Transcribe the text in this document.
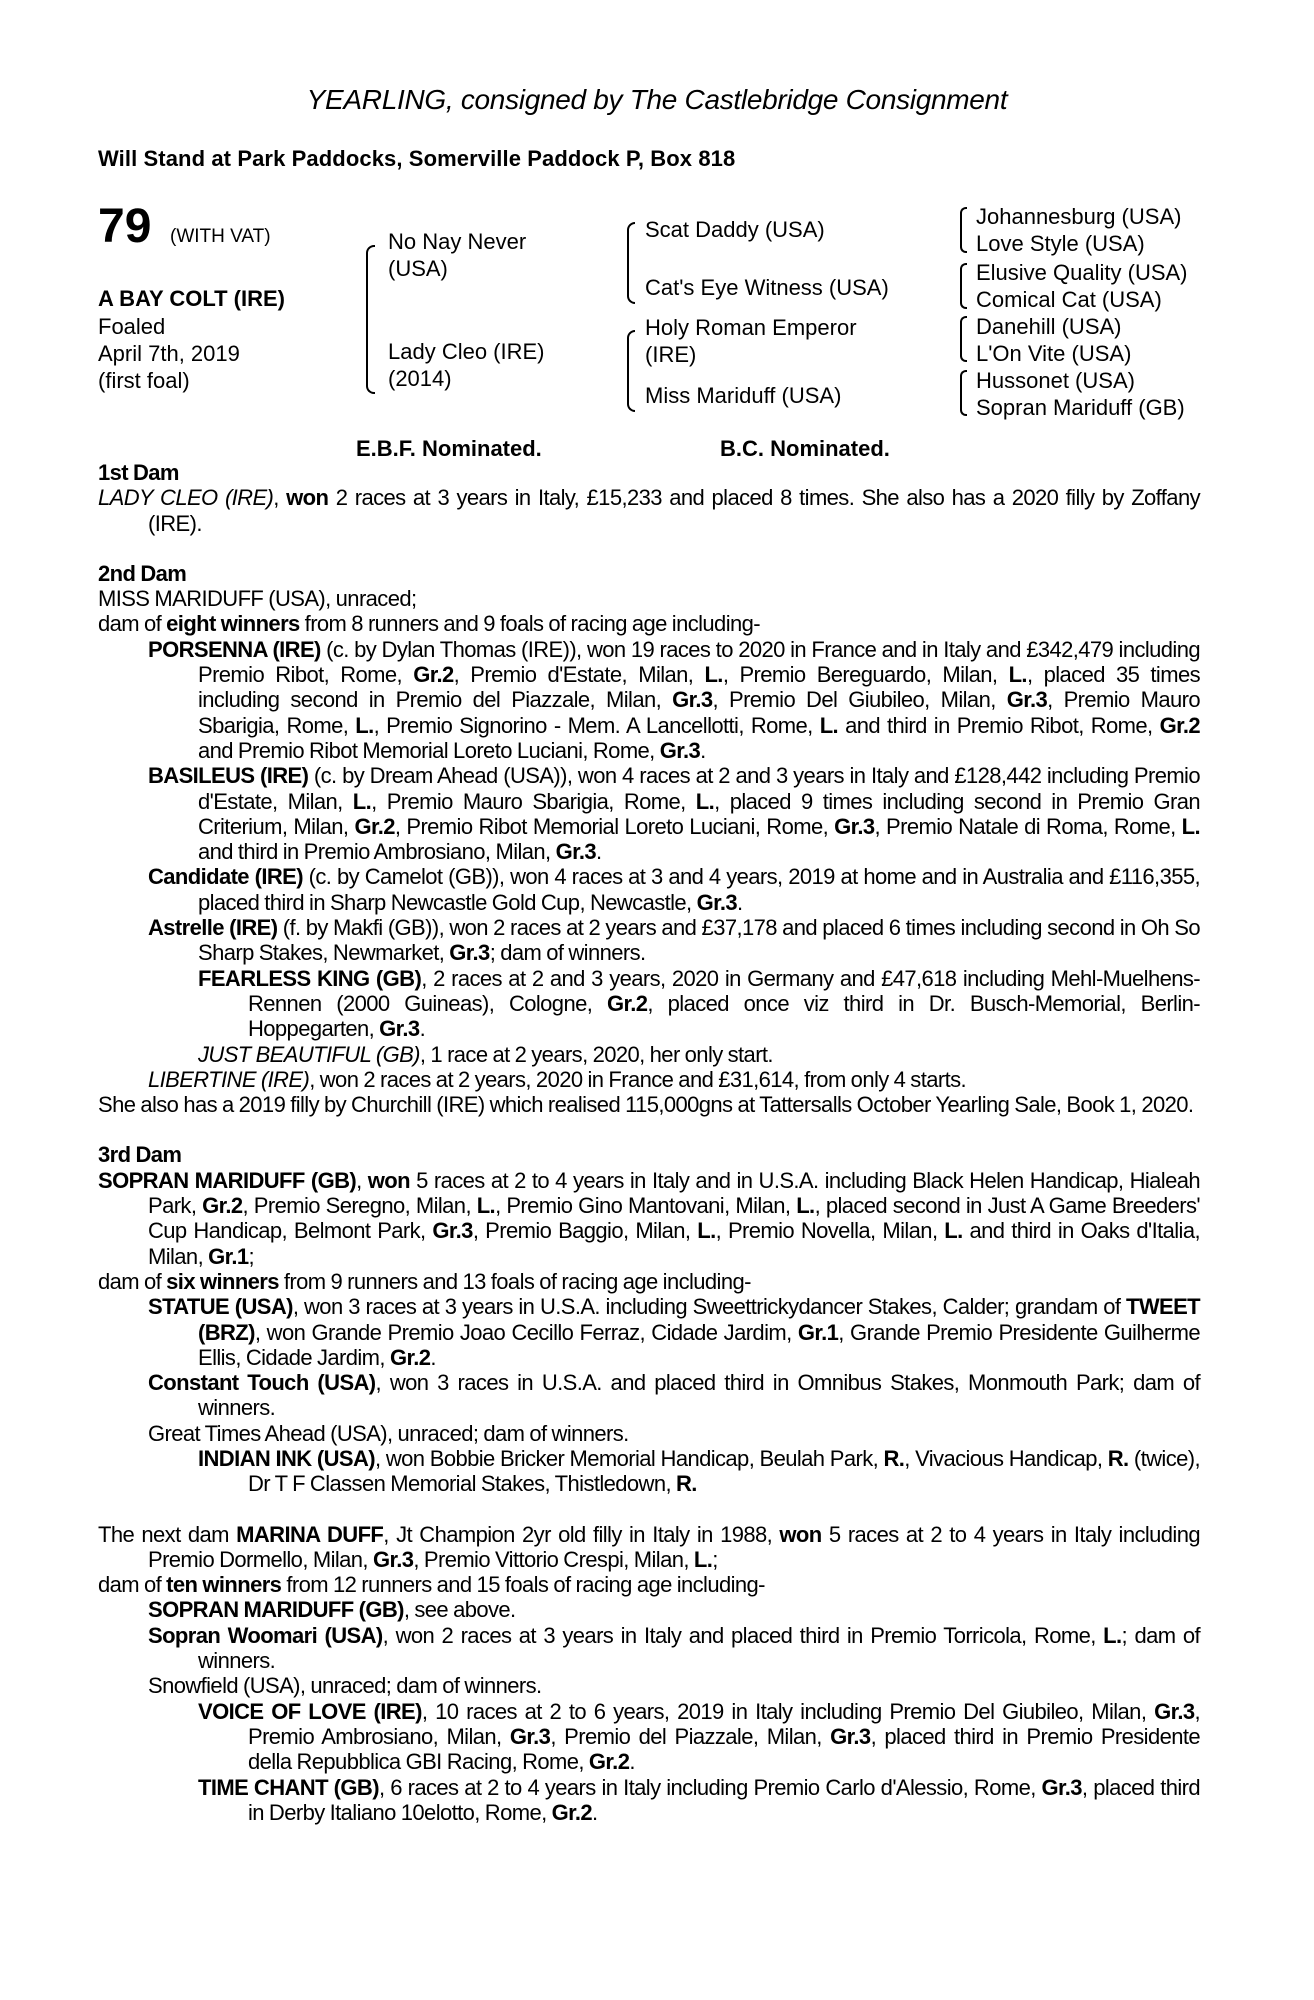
YEARLING, consigned by The Castlebridge Consignment
Will Stand at Park Paddocks, Somerville Paddock P, Box 818
79 (WITH VAT)
A BAY COLT (IRE)
Foaled
April 7th, 2019
(first foal)
No Nay Never
(USA)
Lady Cleo (IRE)
(2014)
Scat Daddy (USA)
Cat's Eye Witness (USA)
Holy Roman Emperor
(IRE)
Miss Mariduff (USA)
Johannesburg (USA)
Love Style (USA)
Elusive Quality (USA)
Comical Cat (USA)
Danehill (USA)
L'On Vite (USA)
Hussonet (USA)
Sopran Mariduff (GB)
E.B.F. Nominated.	B.C. Nominated.

1st Dam

LADY CLEO (IRE), won 2 races at 3 years in Italy, £15,233 and placed 8 times. She also has a 2020 filly by Zoffany (IRE).

2nd Dam

MISS MARIDUFF (USA), unraced;

dam of eight winners from 8 runners and 9 foals of racing age including-

PORSENNA (IRE) (c. by Dylan Thomas (IRE)), won 19 races to 2020 in France and in Italy and £342,479 including Premio Ribot, Rome, Gr.2, Premio d'Estate, Milan, L., Premio Bereguardo, Milan, L., placed 35 times including second in Premio del Piazzale, Milan, Gr.3, Premio Del Giubileo, Milan, Gr.3, Premio Mauro Sbarigia, Rome, L., Premio Signorino - Mem. A Lancellotti, Rome, L. and third in Premio Ribot, Rome, Gr.2 and Premio Ribot Memorial Loreto Luciani, Rome, Gr.3.

BASILEUS (IRE) (c. by Dream Ahead (USA)), won 4 races at 2 and 3 years in Italy and £128,442 including Premio d'Estate, Milan, L., Premio Mauro Sbarigia, Rome, L., placed 9 times including second in Premio Gran Criterium, Milan, Gr.2, Premio Ribot Memorial Loreto Luciani, Rome, Gr.3, Premio Natale di Roma, Rome, L. and third in Premio Ambrosiano, Milan, Gr.3.

Candidate (IRE) (c. by Camelot (GB)), won 4 races at 3 and 4 years, 2019 at home and in Australia and £116,355, placed third in Sharp Newcastle Gold Cup, Newcastle, Gr.3.

Astrelle (IRE) (f. by Makfi (GB)), won 2 races at 2 years and £37,178 and placed 6 times including second in Oh So Sharp Stakes, Newmarket, Gr.3; dam of winners.

FEARLESS KING (GB), 2 races at 2 and 3 years, 2020 in Germany and £47,618 including Mehl-Muelhens-Rennen (2000 Guineas), Cologne, Gr.2, placed once viz third in Dr. Busch-Memorial, Berlin-Hoppegarten, Gr.3.

JUST BEAUTIFUL (GB), 1 race at 2 years, 2020, her only start.

LIBERTINE (IRE), won 2 races at 2 years, 2020 in France and £31,614, from only 4 starts.

She also has a 2019 filly by Churchill (IRE) which realised 115,000gns at Tattersalls October Yearling Sale, Book 1, 2020.

3rd Dam

SOPRAN MARIDUFF (GB), won 5 races at 2 to 4 years in Italy and in U.S.A. including Black Helen Handicap, Hialeah Park, Gr.2, Premio Seregno, Milan, L., Premio Gino Mantovani, Milan, L., placed second in Just A Game Breeders' Cup Handicap, Belmont Park, Gr.3, Premio Baggio, Milan, L., Premio Novella, Milan, L. and third in Oaks d'Italia, Milan, Gr.1;

dam of six winners from 9 runners and 13 foals of racing age including-

STATUE (USA), won 3 races at 3 years in U.S.A. including Sweettrickydancer Stakes, Calder; grandam of TWEET (BRZ), won Grande Premio Joao Cecillo Ferraz, Cidade Jardim, Gr.1, Grande Premio Presidente Guilherme Ellis, Cidade Jardim, Gr.2.

Constant Touch (USA), won 3 races in U.S.A. and placed third in Omnibus Stakes, Monmouth Park; dam of winners.

Great Times Ahead (USA), unraced; dam of winners.

INDIAN INK (USA), won Bobbie Bricker Memorial Handicap, Beulah Park, R., Vivacious Handicap, R. (twice), Dr T F Classen Memorial Stakes, Thistledown, R.

The next dam MARINA DUFF, Jt Champion 2yr old filly in Italy in 1988, won 5 races at 2 to 4 years in Italy including Premio Dormello, Milan, Gr.3, Premio Vittorio Crespi, Milan, L.;

dam of ten winners from 12 runners and 15 foals of racing age including-

SOPRAN MARIDUFF (GB), see above.

Sopran Woomari (USA), won 2 races at 3 years in Italy and placed third in Premio Torricola, Rome, L.; dam of winners.

Snowfield (USA), unraced; dam of winners.

VOICE OF LOVE (IRE), 10 races at 2 to 6 years, 2019 in Italy including Premio Del Giubileo, Milan, Gr.3, Premio Ambrosiano, Milan, Gr.3, Premio del Piazzale, Milan, Gr.3, placed third in Premio Presidente della Repubblica GBI Racing, Rome, Gr.2.

TIME CHANT (GB), 6 races at 2 to 4 years in Italy including Premio Carlo d'Alessio, Rome, Gr.3, placed third in Derby Italiano 10elotto, Rome, Gr.2.
